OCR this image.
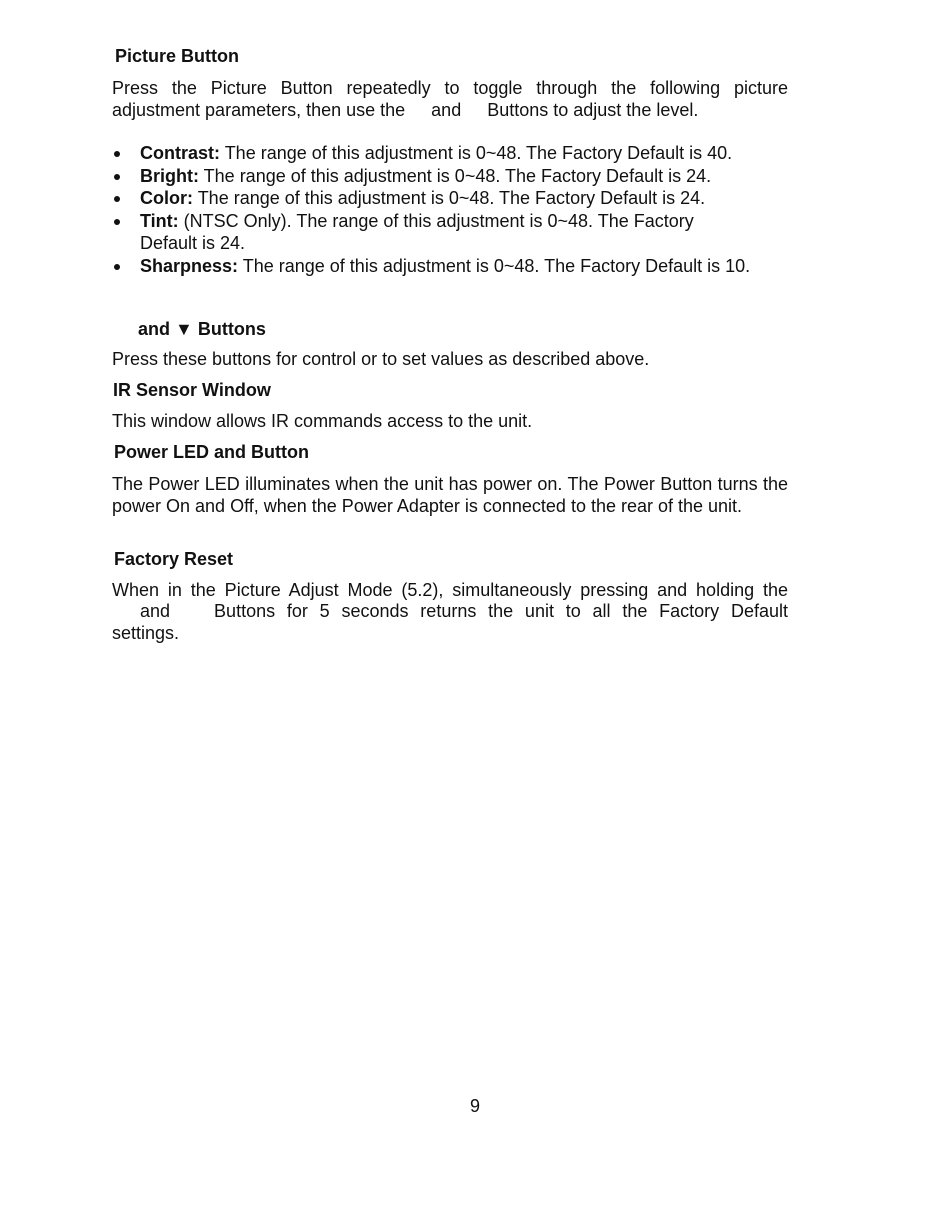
Picture Button
Press the Picture Button repeatedly to toggle through the following picture
adjustment parameters, then use the and Buttons to adjust the level.
Contrast: The range of this adjustment is 0~48. The Factory Default is 40.
Bright: The range of this adjustment is 0~48. The Factory Default is 24.
Color: The range of this adjustment is 0~48. The Factory Default is 24.
Tint: (NTSC Only). The range of this adjustment is 0~48. The Factory Default is 24.
Sharpness: The range of this adjustment is 0~48. The Factory Default is 10.
and ▼ Buttons
Press these buttons for control or to set values as described above.
IR Sensor Window
This window allows IR commands access to the unit.
Power LED and Button
The Power LED illuminates when the unit has power on. The Power Button turns the power On and Off, when the Power Adapter is connected to the rear of the unit.
Factory Reset
When in the Picture Adjust Mode (5.2), simultaneously pressing and holding the
and Buttons for 5 seconds returns the unit to all the Factory Default
settings.
9
